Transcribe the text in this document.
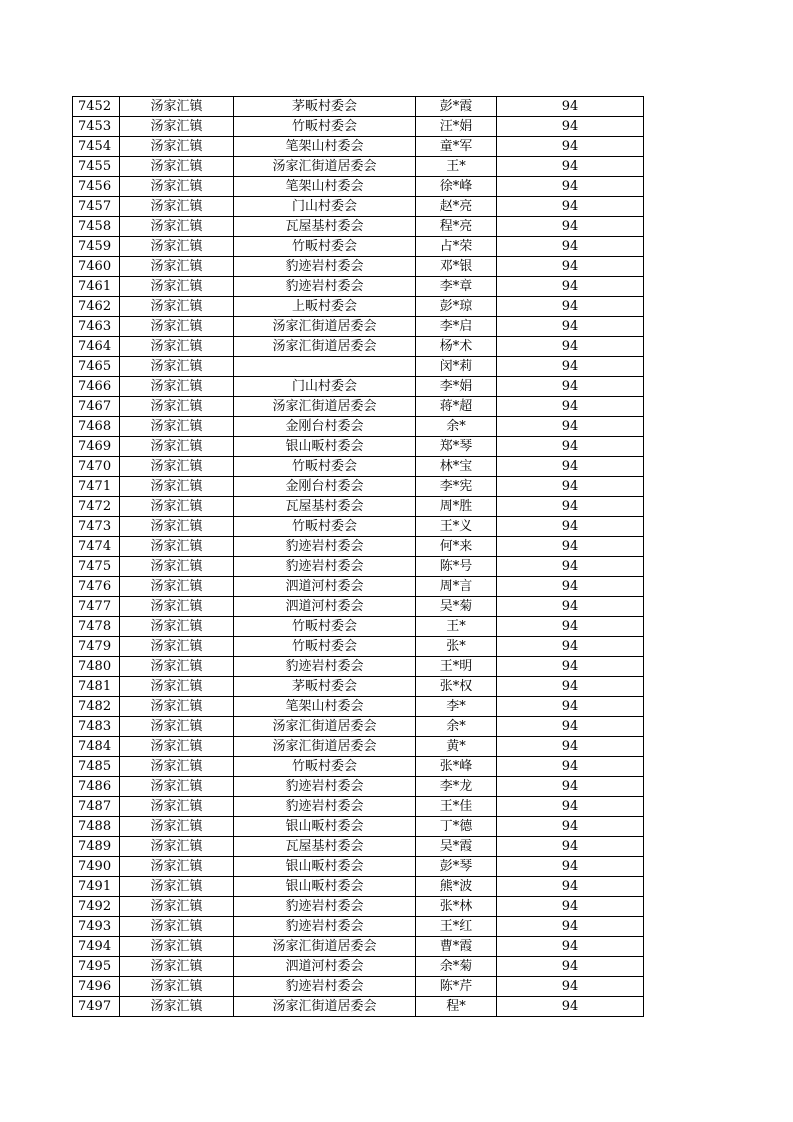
7452	汤家汇镇	茅畈村委会	彭*霞	94
7453	汤家汇镇	竹畈村委会	汪*娟	94
7454	汤家汇镇	笔架山村委会	童*军	94
7455	汤家汇镇	汤家汇街道居委会	王*	94
7456	汤家汇镇	笔架山村委会	徐*峰	94
7457	汤家汇镇	门山村委会	赵*亮	94
7458	汤家汇镇	瓦屋基村委会	程*亮	94
7459	汤家汇镇	竹畈村委会	占*荣	94
7460	汤家汇镇	豹迹岩村委会	邓*银	94
7461	汤家汇镇	豹迹岩村委会	李*章	94
7462	汤家汇镇	上畈村委会	彭*琼	94
7463	汤家汇镇	汤家汇街道居委会	李*启	94
7464	汤家汇镇	汤家汇街道居委会	杨*术	94
7465	汤家汇镇		闵*莉	94
7466	汤家汇镇	门山村委会	李*娟	94
7467	汤家汇镇	汤家汇街道居委会	蒋*超	94
7468	汤家汇镇	金刚台村委会	余*	94
7469	汤家汇镇	银山畈村委会	郑*琴	94
7470	汤家汇镇	竹畈村委会	林*宝	94
7471	汤家汇镇	金刚台村委会	李*宪	94
7472	汤家汇镇	瓦屋基村委会	周*胜	94
7473	汤家汇镇	竹畈村委会	王*义	94
7474	汤家汇镇	豹迹岩村委会	何*来	94
7475	汤家汇镇	豹迹岩村委会	陈*号	94
7476	汤家汇镇	泗道河村委会	周*言	94
7477	汤家汇镇	泗道河村委会	吴*菊	94
7478	汤家汇镇	竹畈村委会	王*	94
7479	汤家汇镇	竹畈村委会	张*	94
7480	汤家汇镇	豹迹岩村委会	王*明	94
7481	汤家汇镇	茅畈村委会	张*权	94
7482	汤家汇镇	笔架山村委会	李*	94
7483	汤家汇镇	汤家汇街道居委会	余*	94
7484	汤家汇镇	汤家汇街道居委会	黄*	94
7485	汤家汇镇	竹畈村委会	张*峰	94
7486	汤家汇镇	豹迹岩村委会	李*龙	94
7487	汤家汇镇	豹迹岩村委会	王*佳	94
7488	汤家汇镇	银山畈村委会	丁*德	94
7489	汤家汇镇	瓦屋基村委会	吴*霞	94
7490	汤家汇镇	银山畈村委会	彭*琴	94
7491	汤家汇镇	银山畈村委会	熊*波	94
7492	汤家汇镇	豹迹岩村委会	张*林	94
7493	汤家汇镇	豹迹岩村委会	王*红	94
7494	汤家汇镇	汤家汇街道居委会	曹*霞	94
7495	汤家汇镇	泗道河村委会	余*菊	94
7496	汤家汇镇	豹迹岩村委会	陈*芹	94
7497	汤家汇镇	汤家汇街道居委会	程*	94
